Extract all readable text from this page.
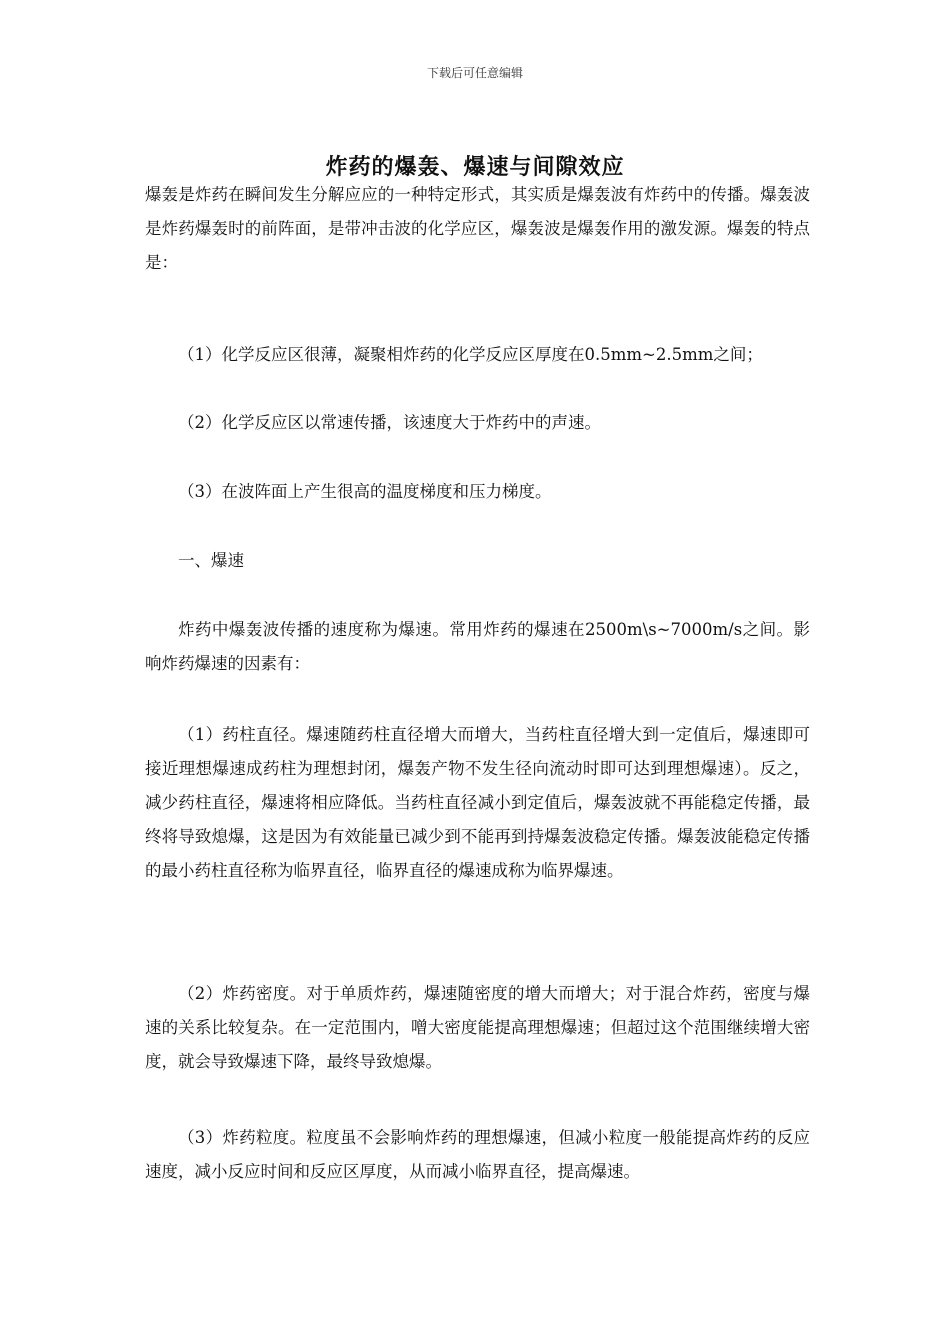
下载后可任意编辑
炸药的爆轰、爆速与间隙效应

爆轰是炸药在瞬间发生分解应应的一种特定形式，其实质是爆轰波有炸药中的传播。爆轰波是炸药爆轰时的前阵面，是带冲击波的化学应区，爆轰波是爆轰作用的激发源。爆轰的特点是：

（1）化学反应区很薄，凝聚相炸药的化学反应区厚度在0.5mm~2.5mm之间；
（2）化学反应区以常速传播，该速度大于炸药中的声速。
（3）在波阵面上产生很高的温度梯度和压力梯度。
一、爆速

炸药中爆轰波传播的速度称为爆速。常用炸药的爆速在2500m\s~7000m/s之间。影响炸药爆速的因素有：

（1）药柱直径。爆速随药柱直径增大而增大，当药柱直径增大到一定值后，爆速即可接近理想爆速成药柱为理想封闭，爆轰产物不发生径向流动时即可达到理想爆速）。反之，减少药柱直径，爆速将相应降低。当药柱直径减小到定值后，爆轰波就不再能稳定传播，最终将导致熄爆，这是因为有效能量已减少到不能再到持爆轰波稳定传播。爆轰波能稳定传播的最小药柱直径称为临界直径，临界直径的爆速成称为临界爆速。

（2）炸药密度。对于单质炸药，爆速随密度的增大而增大；对于混合炸药，密度与爆速的关系比较复杂。在一定范围内，噌大密度能提高理想爆速；但超过这个范围继续增大密度，就会导致爆速下降，最终导致熄爆。

（3）炸药粒度。粒度虽不会影响炸药的理想爆速，但减小粒度一般能提高炸药的反应速度，减小反应时间和反应区厚度，从而减小临界直径，提高爆速。
